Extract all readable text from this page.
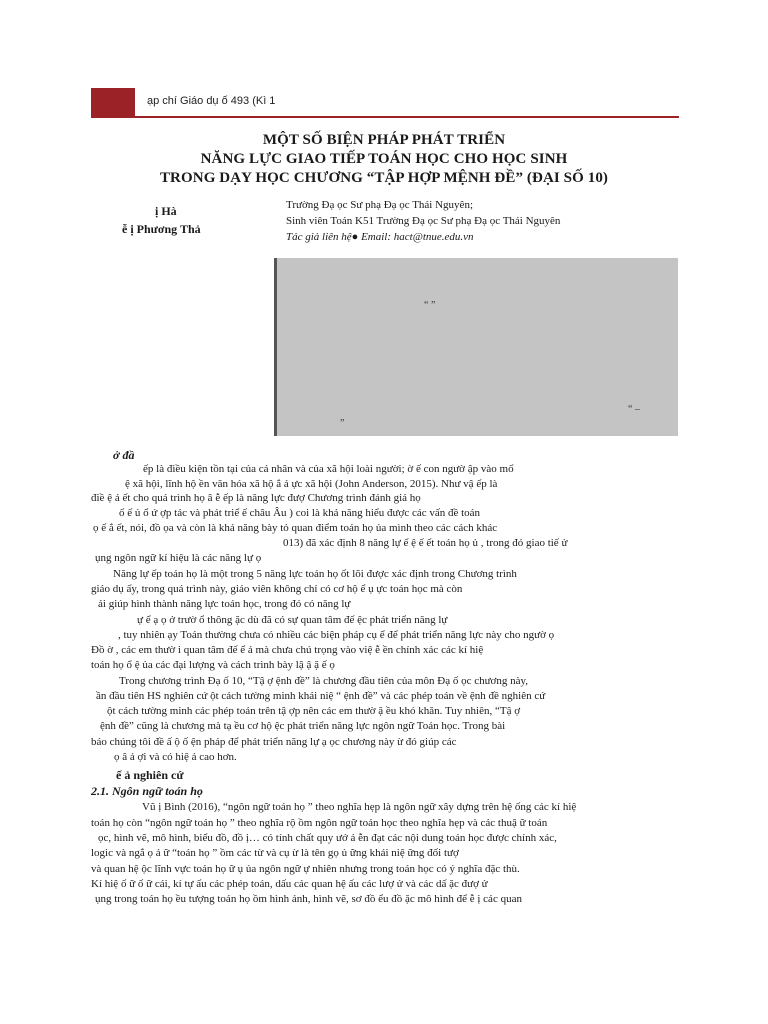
ạp chí Giáo dụ ố 493 (Kì 1
MỘT SỐ BIỆN PHÁP PHÁT TRIỂN
NĂNG LỰC GIAO TIẾP TOÁN HỌC CHO HỌC SINH
TRONG DẠY HỌC CHƯƠNG “TẬP HỢP MỆNH ĐỀ” (ĐẠI SỐ 10)
ị Hà
ễ ị Phương Thả
Trường Đạ ọc Sư phạ Đạ ọc Thái Nguyên;
Sinh viên Toán K51 Trường Đạ ọc Sư phạ Đạ ọc Thái Nguyên
Tác giả liên hệ● Email: hact@tnue.edu.vn
“ ”
“ –
”
ở đầ
ếp là điều kiện tồn tại của cá nhân và của xã hội loài người; ờ ế con ngườ ập vào mố
ệ xã hội, lĩnh hộ ền văn hóa xã hộ ắ ả ực xã hội (John Anderson, 2015). Như vậ ếp là
điề ệ ả ết cho quá trình họ â ễ ếp là năng lực đượ Chương trình đánh giá họ
ố ế ủ ổ ứ ợp tác và phát triể ế châu Âu ) coi là khả năng hiểu được các vấn đề toán
ọ ế ắ ết, nói, đồ ọa và còn là khả năng bày tỏ quan điểm toán họ ủa mình theo các cách khác
013) đã xác định 8 năng lự ế ệ ế ết toán họ ủ , trong đó giao tiế ử
ụng ngôn ngữ kí hiệu là các năng lự ọ
Năng lự ếp toán họ là một trong 5 năng lực toán họ ốt lõi được xác định trong Chương trình
giáo dụ ấy, trong quá trình này, giáo viên không chỉ có cơ hộ ể ụ ực toán học mà còn
ải giúp hình thành năng lực toán học, trong đó có năng lự
ự ể ạ ọ ở trườ ổ thông ặc dù đã có sự quan tâm đế ệc phát triển năng lự
, tuy nhiên ạy Toán thường chưa có nhiều các biện pháp cụ ể để phát triển năng lực này cho ngườ ọ
Đồ ờ , các em thườ i quan tâm đế ể ả mà chưa chú trọng vào việ ễ ền chính xác các kí hiệ
toán họ ổ ệ ủa các đại lượng và cách trình bày lậ ậ ặ ế ọ
Trong chương trình Đạ ố 10, “Tậ ợ ệnh đề” là chương đầu tiên của môn Đạ ố ọc chương này,
ần đầu tiên HS nghiên cứ ột cách tường minh khái niệ “ ệnh đề” và các phép toán về ệnh đề nghiên cứ
ột cách tường minh các phép toán trên tậ ợp nên các em thườ ặ ều khó khăn. Tuy nhiên, “Tậ ợ
ệnh đề” cũng là chương mà tạ ều cơ hộ ệc phát triển năng lực ngôn ngữ Toán học. Trong bài
báo chúng tôi đề ấ ộ ố ện pháp để phát triển năng lự ạ ọc chương này ừ đó giúp các
ọ â ả ợi và có hiệ ả cao hơn.
ế ả nghiên cứ
2.1. Ngôn ngữ toán họ
Vũ ị Bình (2016), “ngôn ngữ toán họ ” theo nghĩa hẹp là ngôn ngữ xây dựng trên hệ ống các kí hiệ
toán họ còn “ngôn ngữ toán họ ” theo nghĩa rộ ồm ngôn ngữ toán học theo nghĩa hẹp và các thuậ ữ toán
ọc, hình vẽ, mô hình, biểu đồ, đồ ị… có tính chất quy ướ ả ễn đạt các nội dung toán học được chính xác,
logic và ngắ ọ ả ữ “toán họ ” ồm các từ và cụ ừ là tên gọ ủ ững khái niệ ững đối tượ
và quan hệ ộc lĩnh vực toán họ ữ ụ ủa ngôn ngữ ự nhiên nhưng trong toán học có ý nghĩa đặc thù.
Kí hiệ ố ữ ố ữ cái, kí tự ấu các phép toán, dấu các quan hệ ấu các lượ ử và các dấ ặc đượ ử
ụng trong toán họ ều tượng toán họ ồm hình ảnh, hình vẽ, sơ đồ ểu đồ ặc mô hình để ễ ị các quan
